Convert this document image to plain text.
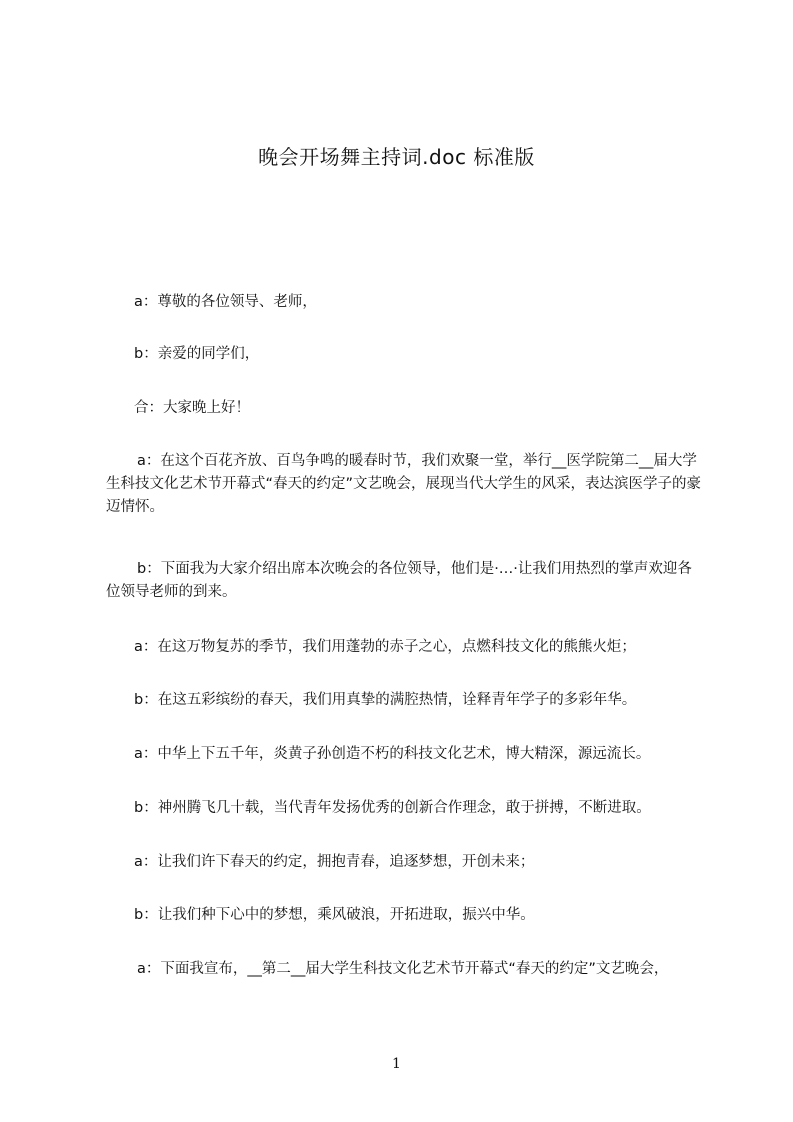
晚会开场舞主持词.doc 标准版
a：尊敬的各位领导、老师，
b：亲爱的同学们，
合：大家晚上好！
a：在这个百花齐放、百鸟争鸣的暖春时节，我们欢聚一堂，举行__医学院第二__届大学生科技文化艺术节开幕式“春天的约定”文艺晚会，展现当代大学生的风采，表达滨医学子的豪迈情怀。
b：下面我为大家介绍出席本次晚会的各位领导，他们是·…·让我们用热烈的掌声欢迎各位领导老师的到来。
a：在这万物复苏的季节，我们用蓬勃的赤子之心，点燃科技文化的熊熊火炬；
b：在这五彩缤纷的春天，我们用真挚的满腔热情，诠释青年学子的多彩年华。
a：中华上下五千年，炎黄子孙创造不朽的科技文化艺术，博大精深，源远流长。
b：神州腾飞几十载，当代青年发扬优秀的创新合作理念，敢于拼搏，不断进取。
a：让我们许下春天的约定，拥抱青春，追逐梦想，开创未来；
b：让我们种下心中的梦想，乘风破浪，开拓进取，振兴中华。
a：下面我宣布，__第二__届大学生科技文化艺术节开幕式“春天的约定”文艺晚会，
1
